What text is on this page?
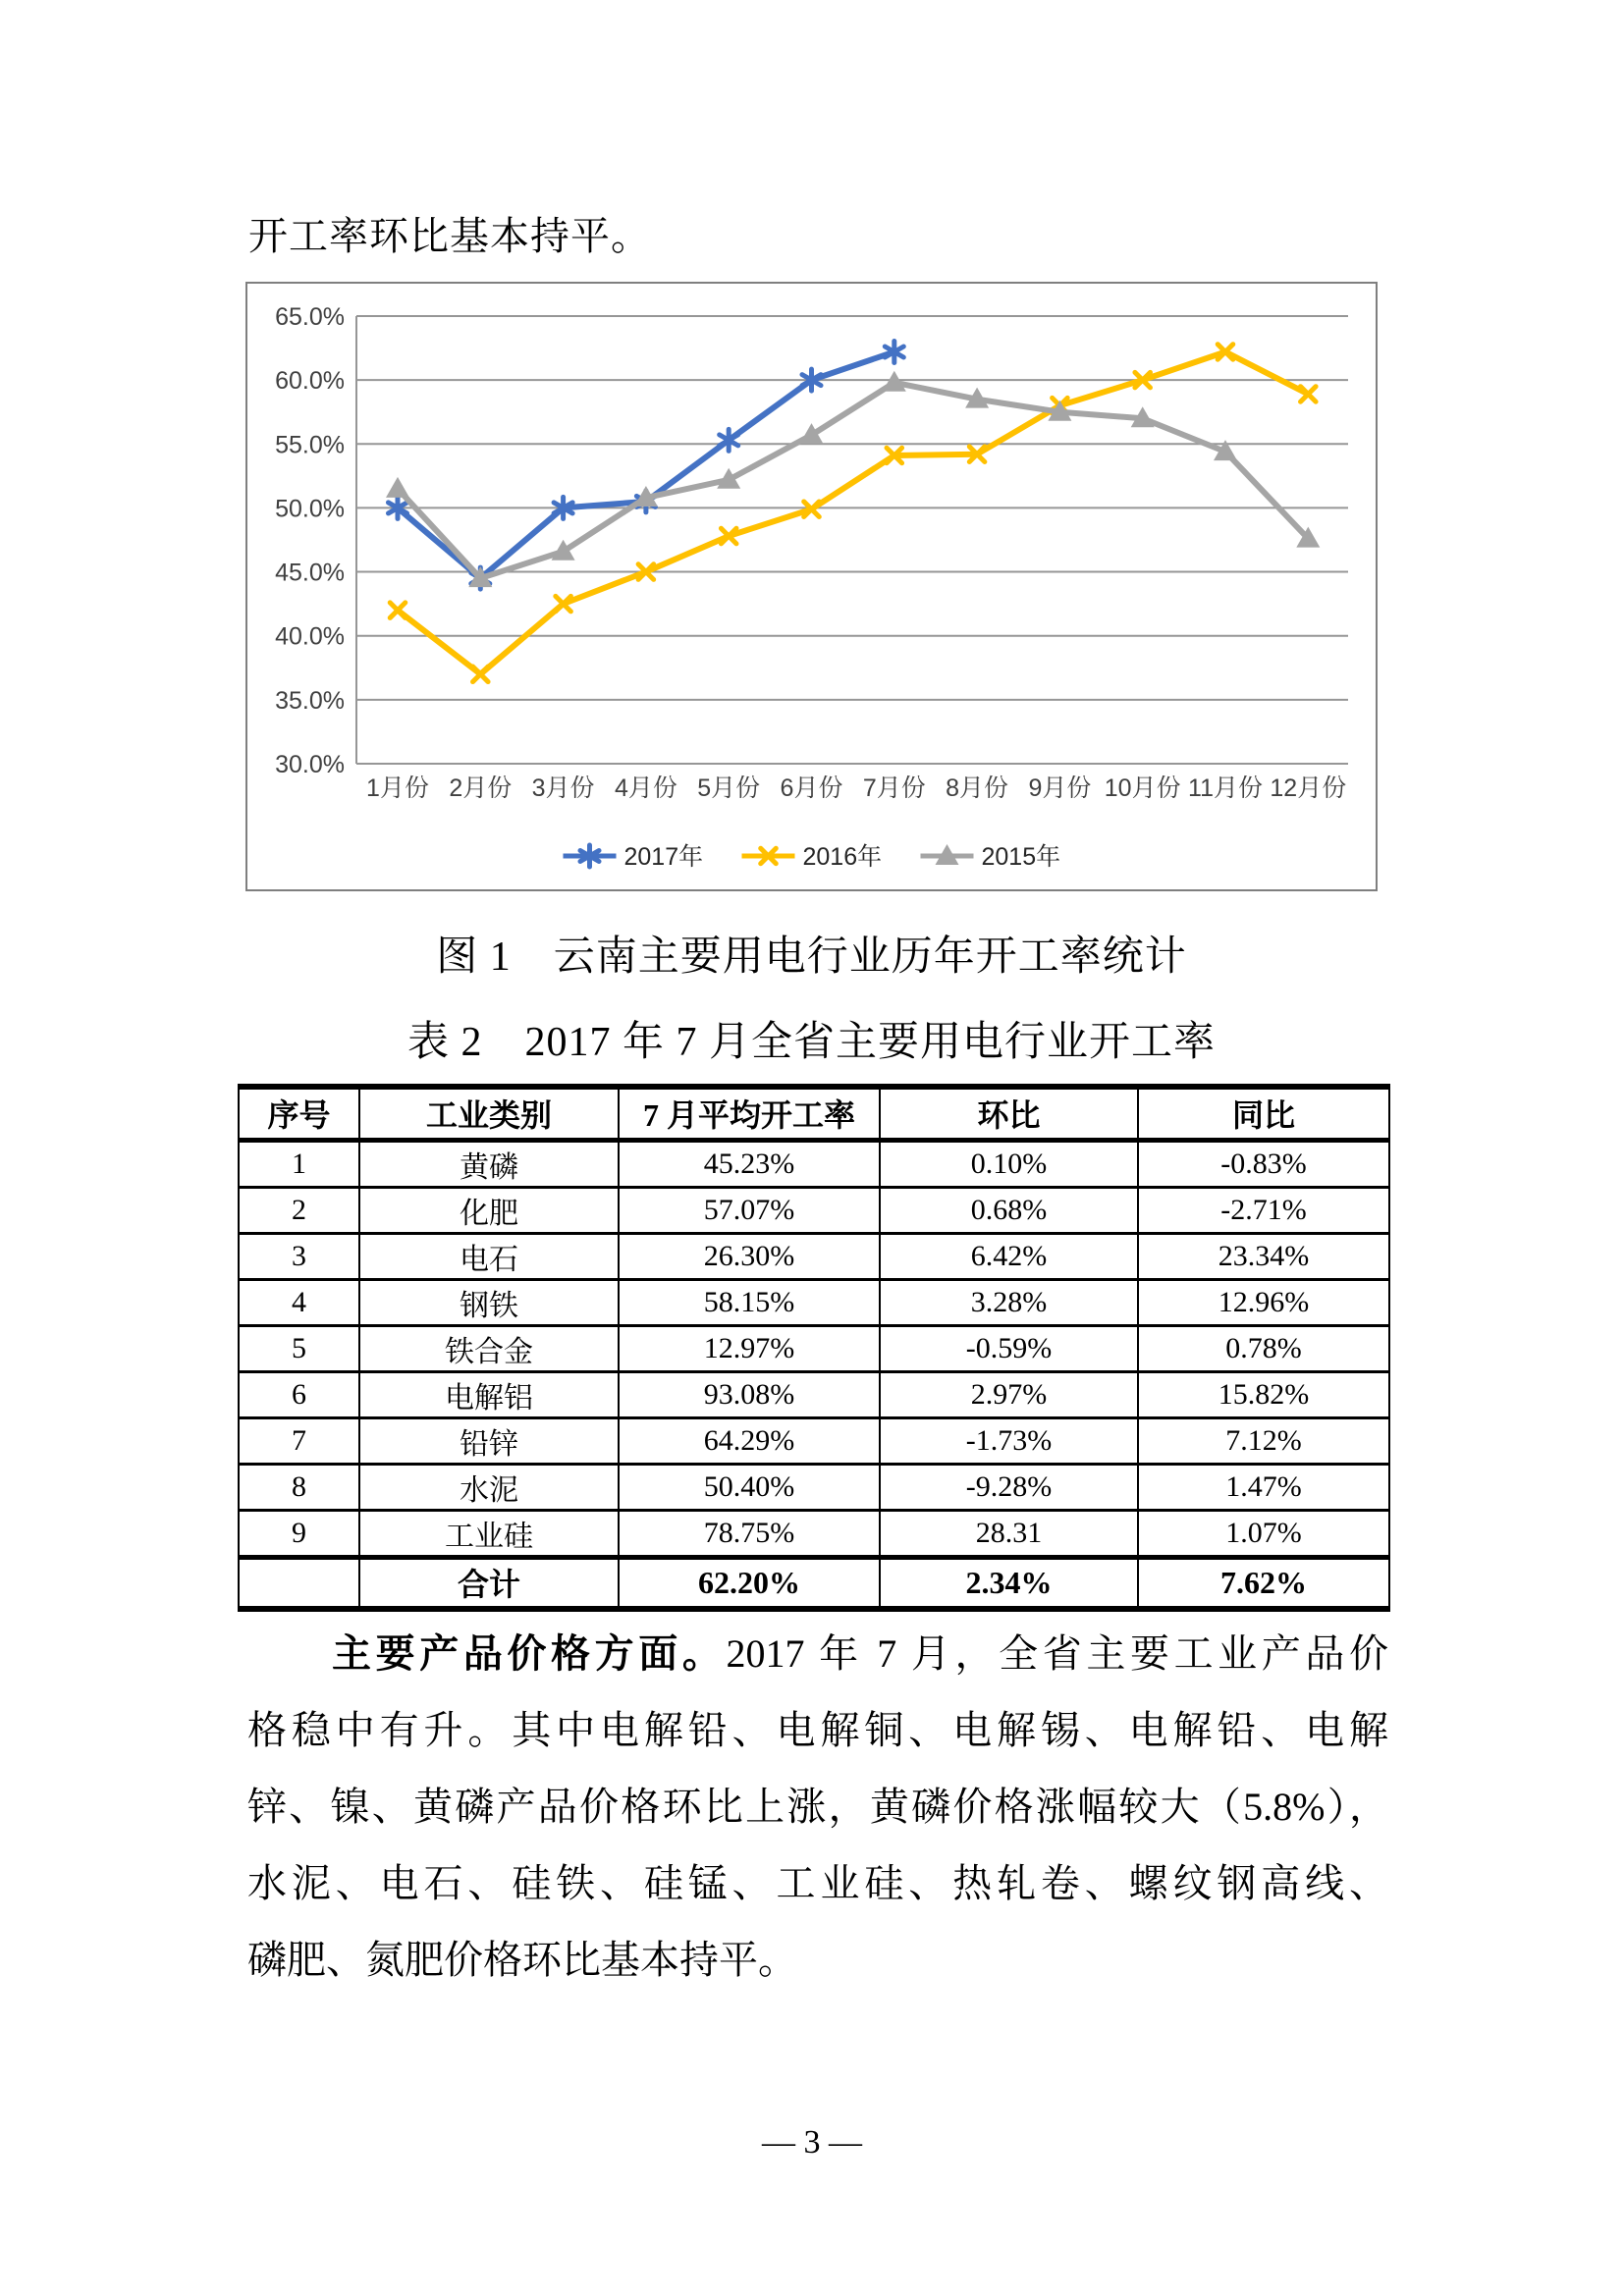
开工率环比基本持平。
65.0%
60.0%
55.0%
50.0%
45.0%
40.0%
35.0%
30.0%
1月份 2月份 3月份 4月份 5月份 6月份 7月份 8月份 9月份 10月份 11月份 12月份
2017年	2016年	2015年
图 1　云南主要用电行业历年开工率统计
表 2　2017 年 7 月全省主要用电行业开工率
序号	工业类别	7 月平均开工率	环比	同比
1	黄磷	45.23%	0.10%	-0.83%
2	化肥	57.07%	0.68%	-2.71%
3	电石	26.30%	6.42%	23.34%
4	钢铁	58.15%	3.28%	12.96%
5	铁合金	12.97%	-0.59%	0.78%
6	电解铝	93.08%	2.97%	15.82%
7	铅锌	64.29%	-1.73%	7.12%
8	水泥	50.40%	-9.28%	1.47%
9	工业硅	78.75%	28.31	1.07%
	合计	62.20%	2.34%	7.62%
主要产品价格方面。2017 年 7 月，全省主要工业产品价
格稳中有升。其中电解铅、电解铜、电解锡、电解铅、电解
锌、镍、黄磷产品价格环比上涨，黄磷价格涨幅较大（5.8%），
水泥、电石、硅铁、硅锰、工业硅、热轧卷、螺纹钢高线、
磷肥、氮肥价格环比基本持平。
— 3 —
